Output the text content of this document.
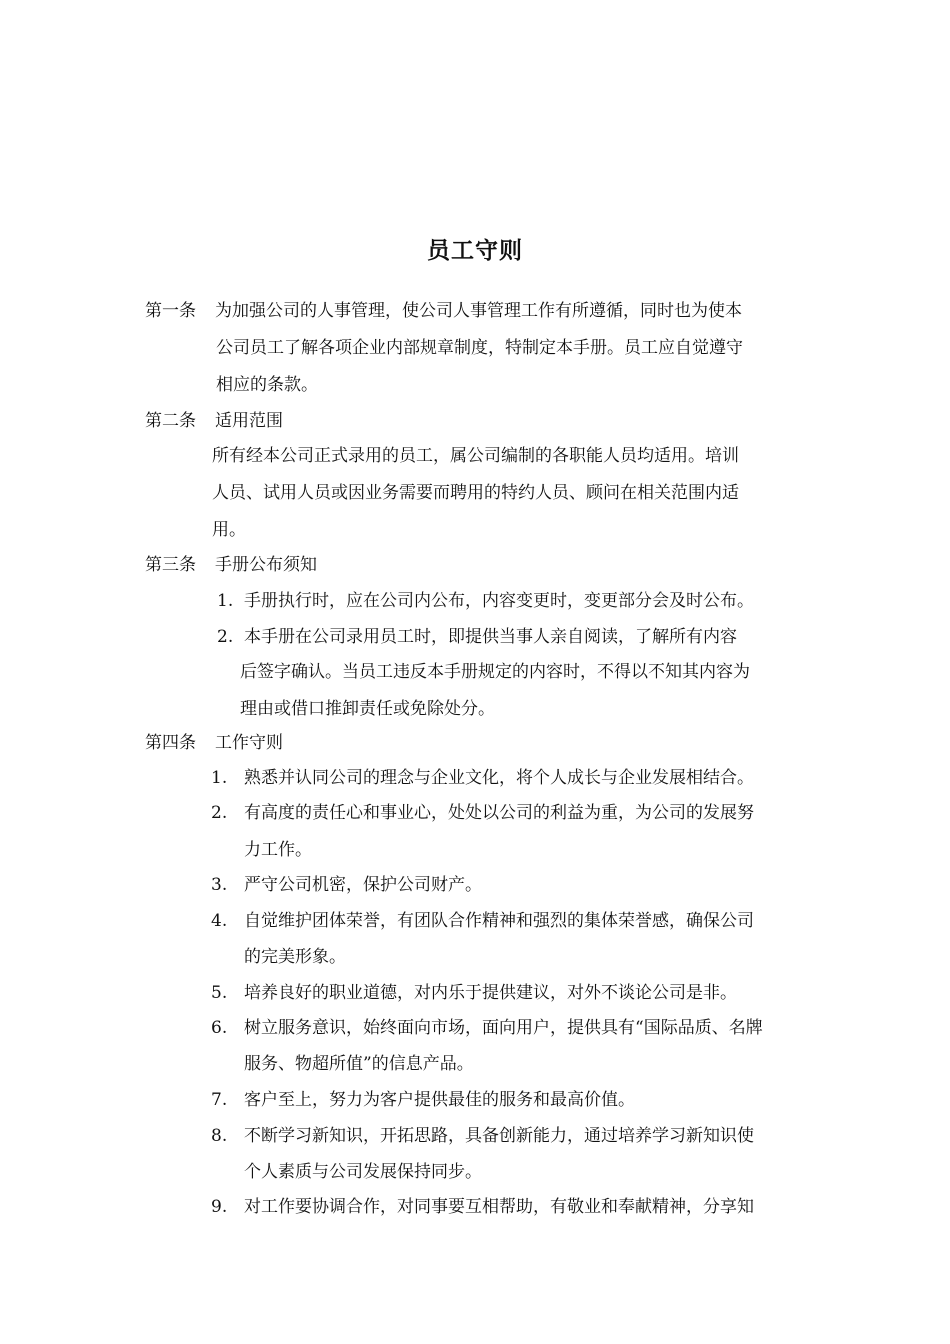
员工守则
第一条 为加强公司的人事管理，使公司人事管理工作有所遵循，同时也为使本
公司员工了解各项企业内部规章制度，特制定本手册。员工应自觉遵守
相应的条款。
第二条 适用范围
所有经本公司正式录用的员工，属公司编制的各职能人员均适用。培训
人员、试用人员或因业务需要而聘用的特约人员、顾问在相关范围内适
用。
第三条 手册公布须知
1. 手册执行时，应在公司内公布，内容变更时，变更部分会及时公布。
2. 本手册在公司录用员工时，即提供当事人亲自阅读，了解所有内容
后签字确认。当员工违反本手册规定的内容时，不得以不知其内容为
理由或借口推卸责任或免除处分。
第四条 工作守则
1. 熟悉并认同公司的理念与企业文化，将个人成长与企业发展相结合。
2. 有高度的责任心和事业心，处处以公司的利益为重，为公司的发展努
力工作。
3. 严守公司机密，保护公司财产。
4. 自觉维护团体荣誉，有团队合作精神和强烈的集体荣誉感，确保公司
的完美形象。
5. 培养良好的职业道德，对内乐于提供建议，对外不谈论公司是非。
6. 树立服务意识，始终面向市场，面向用户，提供具有“国际品质、名牌
服务、物超所值”的信息产品。
7. 客户至上，努力为客户提供最佳的服务和最高价值。
8. 不断学习新知识，开拓思路，具备创新能力，通过培养学习新知识使
个人素质与公司发展保持同步。
9. 对工作要协调合作，对同事要互相帮助，有敬业和奉献精神，分享知
